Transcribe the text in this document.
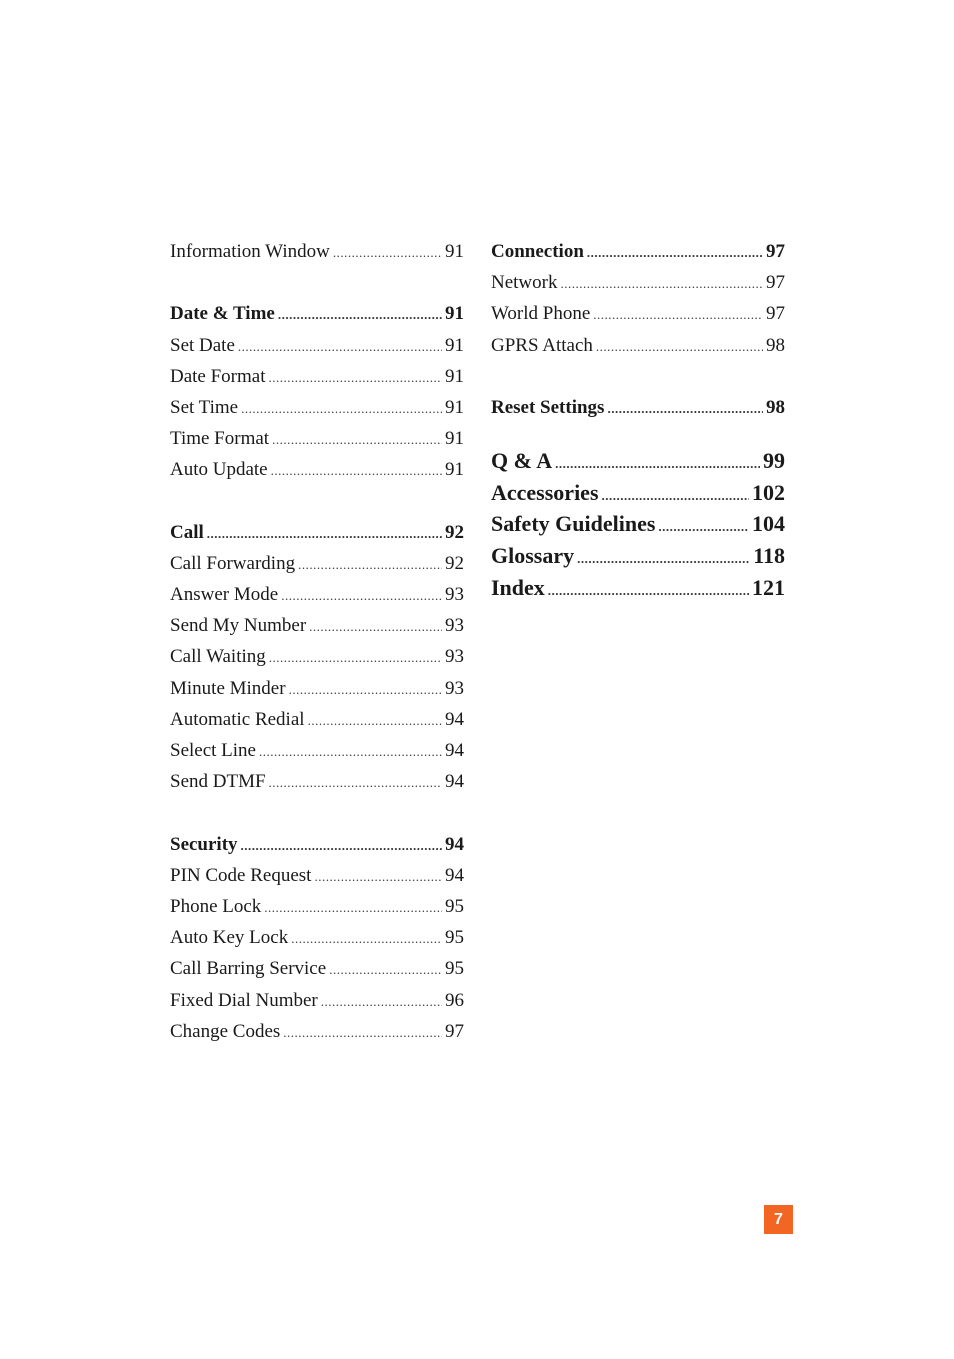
Information Window .....	91
Date & Time .....	91
Set Date .....	91
Date Format .....	91
Set Time .....	91
Time Format .....	91
Auto Update .....	91
Call .....	92
Call Forwarding .....	92
Answer Mode .....	93
Send My Number .....	93
Call Waiting .....	93
Minute Minder .....	93
Automatic Redial .....	94
Select Line .....	94
Send DTMF .....	94
Security .....	94
PIN Code Request .....	94
Phone Lock .....	95
Auto Key Lock .....	95
Call Barring Service .....	95
Fixed Dial Number .....	96
Change Codes .....	97
Connection .....	97
Network .....	97
World Phone .....	97
GPRS Attach .....	98
Reset Settings .....	98
Q & A .....	99
Accessories .....	102
Safety Guidelines .....	104
Glossary .....	118
Index .....	121
7
